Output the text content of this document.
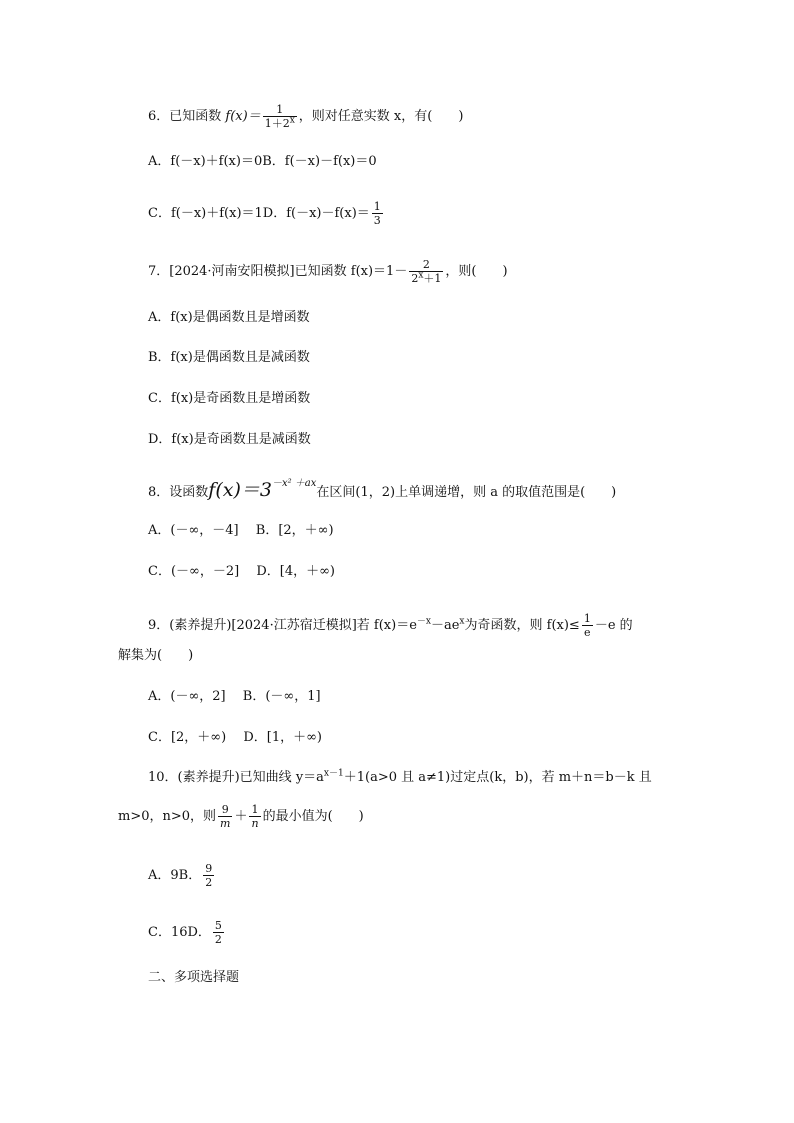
6．已知函数 $f(x)= \frac{1}{1+2^x}$ ，则对任意实数 x，有(　　)
A．f(－x)＋f(x)＝0B．f(－x)－f(x)＝0
C．f(－x)＋f(x)＝1D．$f(-x)-f(x)= \frac{1}{3}$
7．[2024·河南安阳模拟]已知函数 $f(x)=1- \frac{2}{2^x+1}$ ，则(　　)
A．f(x)是偶函数且是增函数
B．f(x)是偶函数且是减函数
C．f(x)是奇函数且是增函数
D．f(x)是奇函数且是减函数
8．设函数$f(x)=3^{-x^2 +ax}$在区间(1，2)上单调递增，则 a 的取值范围是(　　)
A．(－∞，－4]　 B．[2，＋∞)
C．(－∞，－2]　 D．[4，＋∞)
9．(素养提升)[2024·江苏宿迁模拟]若 $f(x)=e^{-x}-ae^x$为奇函数，则 $f(x)\le \frac{1}{e} -e$ 的
解集为(　　)
A．(－∞，2]　 B．(－∞，1]
C．[2，＋∞)　 D．[1，＋∞)
10．(素养提升)已知曲线 $y=a^{x-1}+1(a>0$ 且 a≠1)过定点(k，b)，若 m＋n＝b－k 且
m>0，n>0，则 $\frac{9}{m} + \frac{1}{n}$ 的最小值为(　　)
A．9B． $\frac{9}{2}$
C．16D． $\frac{5}{2}$
二、多项选择题
